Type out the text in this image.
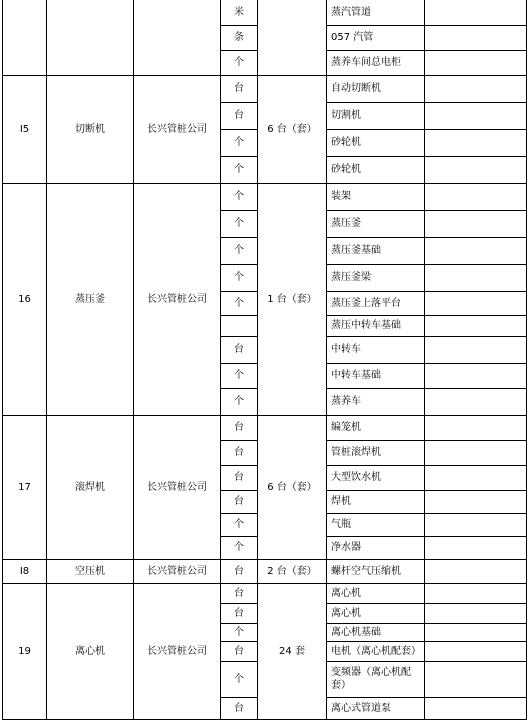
			米		蒸汽管道	
			条		057 汽管	
			个		蒸养车间总电柜	
I5	切断机	长兴管桩公司	台	6 台（套）	自动切断机	
			台		切割机	
			个		砂轮机	
			个		砂轮机	
16	蒸压釜	长兴管桩公司	个	1 台（套）	装架	
			个		蒸压釜	
			个		蒸压釜基础	
			个		蒸压釜梁	
			个		蒸压釜上落平台	
					蒸压中转车基础	
			台		中转车	
			个		中转车基础	
			个		蒸养车	
17	滚焊机	长兴管桩公司	台	6 台（套）	编笼机	
			台		管桩滚焊机	
			台		大型饮水机	
			台		焊机	
			个		气瓶	
			个		净水器	
I8	空压机	长兴管桩公司	台	2 台（套）	螺杆空气压缩机	
19	离心机	长兴管桩公司	台	24 套	离心机	
			台		离心机	
			个		离心机基础	
			台		电机（离心机配套）	
			个		变频器（离心机配套）	
			台		离心式管道泵	
